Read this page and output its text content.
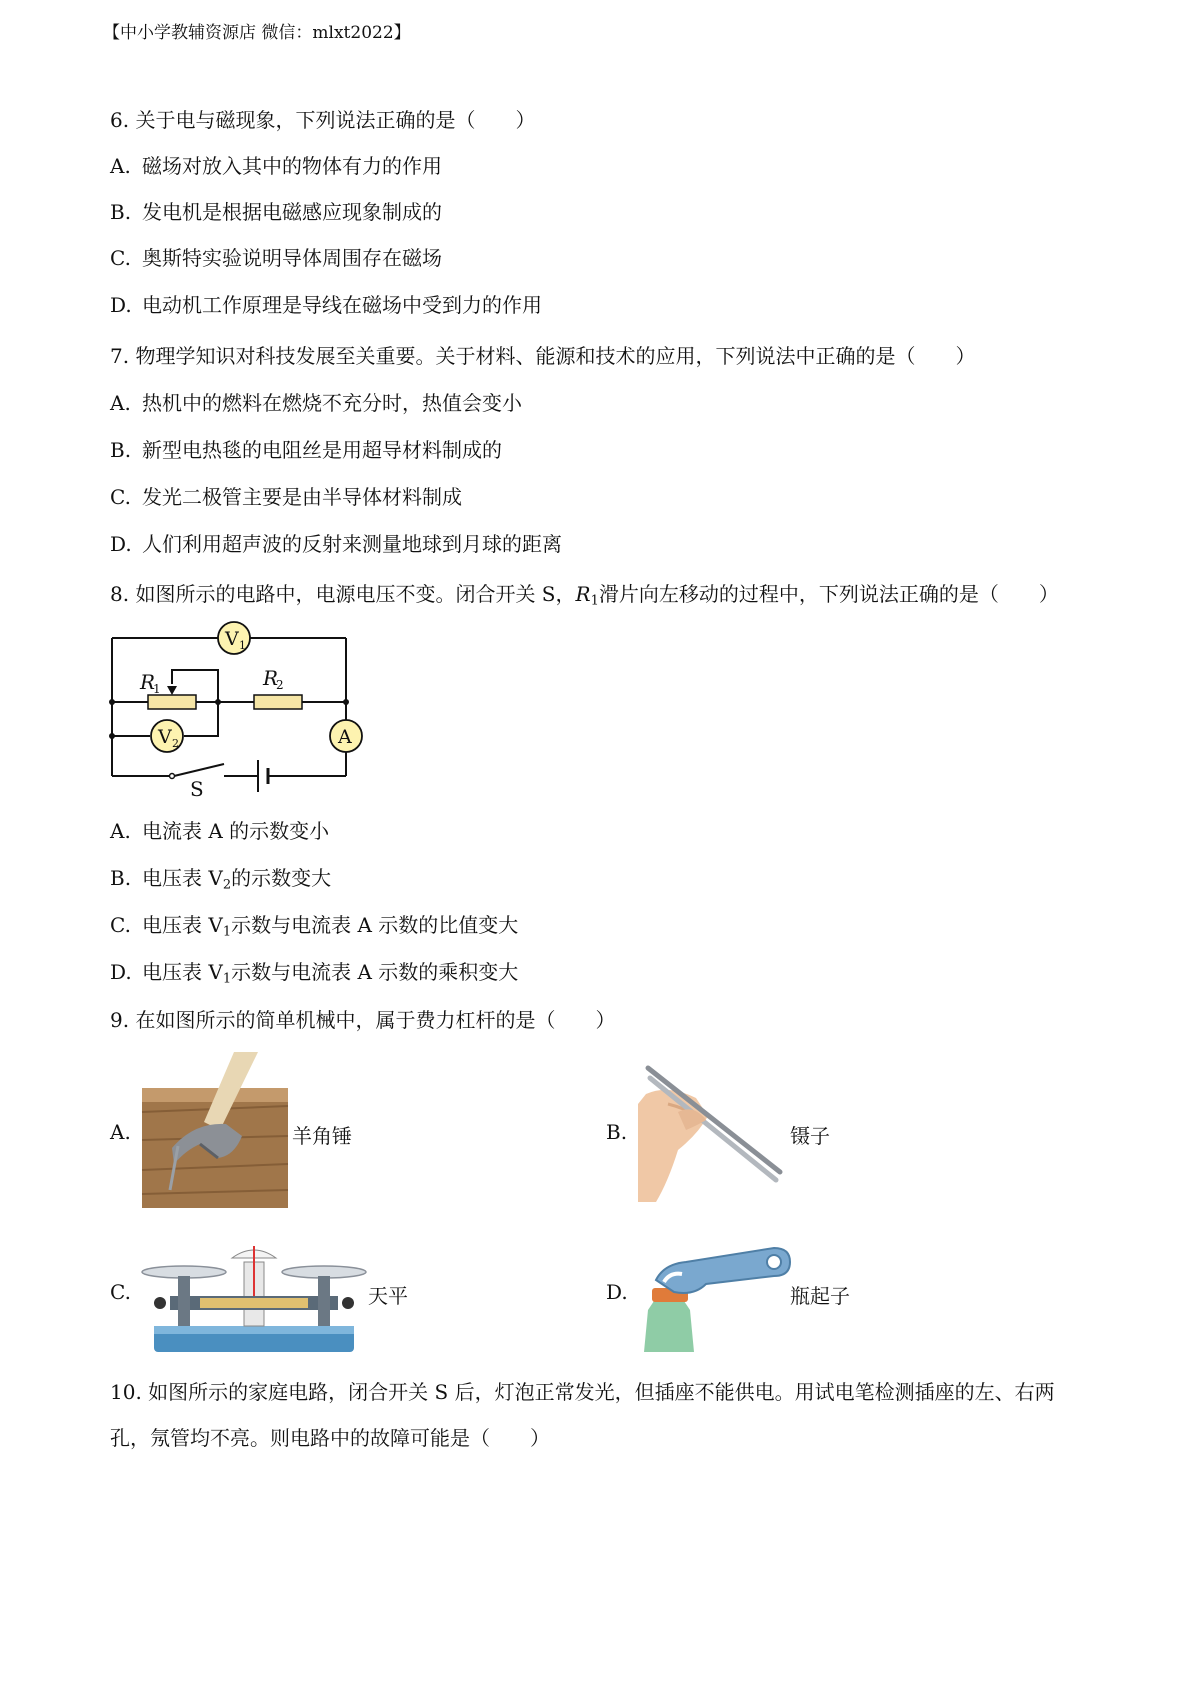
【中小学教辅资源店 微信：mlxt2022】
6. 关于电与磁现象，下列说法正确的是（　　）
A. 磁场对放入其中的物体有力的作用
B. 发电机是根据电磁感应现象制成的
C. 奥斯特实验说明导体周围存在磁场
D. 电动机工作原理是导线在磁场中受到力的作用
7. 物理学知识对科技发展至关重要。关于材料、能源和技术的应用，下列说法中正确的是（　　）
A. 热机中的燃料在燃烧不充分时，热值会变小
B. 新型电热毯的电阻丝是用超导材料制成的
C. 发光二极管主要是由半导体材料制成
D. 人们利用超声波的反射来测量地球到月球的距离
8. 如图所示的电路中，电源电压不变。闭合开关 S，$R_1$滑片向左移动的过程中，下列说法正确的是（　　）
V 1
V 2	A
R
1	R
2
S
A. 电流表 A 的示数变小
B. 电压表 $V_2$的示数变大
C. 电压表 $V_1$示数与电流表 A 示数的比值变大
D. 电压表 $V_1$示数与电流表 A 示数的乘积变大
9. 在如图所示的简单机械中，属于费力杠杆的是（　　）
A.	羊角锤	B.	镊子
C.	天平	D.	瓶起子
10. 如图所示的家庭电路，闭合开关 S 后，灯泡正常发光，但插座不能供电。用试电笔检测插座的左、右两
孔，氖管均不亮。则电路中的故障可能是（　　）
